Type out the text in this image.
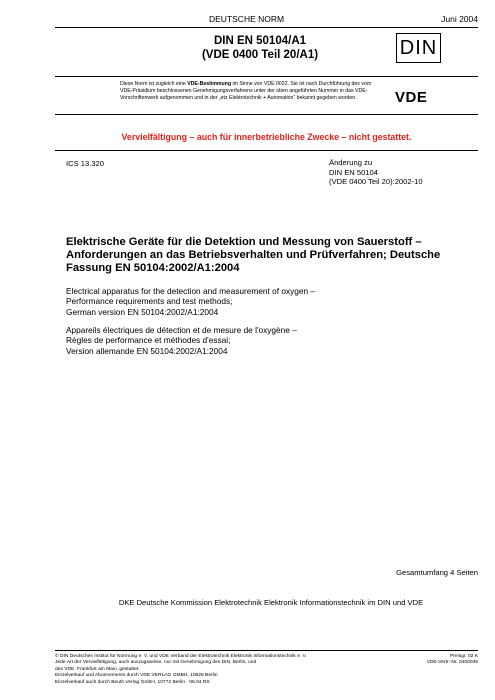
DEUTSCHE NORM	Juni 2004
DIN EN 50104/A1
(VDE 0400 Teil 20/A1)	DIN
Diese Norm ist zugleich eine VDE-Bestimmung im Sinne von VDE 0022. Sie ist nach Durchführung des vom VDE-Präsidium beschlossenen Genehmigungsverfahrens unter der oben angeführten Nummer in das VDE-Vorschriftenwerk aufgenommen und in der „etz Elektrotechnik + Automation“ bekannt gegeben worden.	VDE
Vervielfältigung – auch für innerbetriebliche Zwecke – nicht gestattet.
ICS 13.320	Änderung zu
DIN EN 50104
(VDE 0400 Teil 20):2002-10
Elektrische Geräte für die Detektion und Messung von Sauerstoff – Anforderungen an das Betriebsverhalten und Prüfverfahren; Deutsche Fassung EN 50104:2002/A1:2004
Electrical apparatus for the detection and measurement of oxygen –
Performance requirements and test methods;
German version EN 50104:2002/A1:2004
Appareils électriques de détection et de mesure de l'oxygène –
Règles de performance et méthodes d'essai;
Version allemande EN 50104:2002/A1:2004
Gesamtumfang 4 Seiten
DKE Deutsche Kommission Elektrotechnik Elektronik Informationstechnik im DIN und VDE
© DIN Deutsches Institut für Normung e. V. und VDE Verband der Elektrotechnik Elektronik Informationstechnik e. V.
Jede Art der Vervielfältigung, auch auszugsweise, nur mit Genehmigung des DIN, Berlin, und
des VDE, Frankfurt am Main, gestattet.
Einzelverkauf und Abonnements durch VDE VERLAG GMBH, 10625 Berlin
Einzelverkauf auch durch Beuth Verlag GmbH, 10772 Berlin · 06.04 RS
Preisgr. 02 K
VDE-Vertr.-Nr. 0400035
